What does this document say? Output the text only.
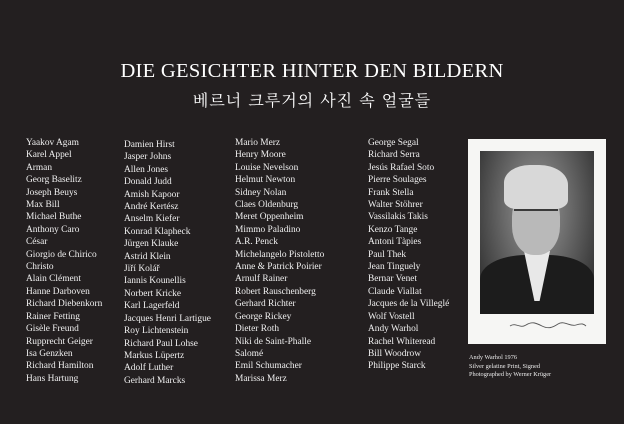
DIE GESICHTER HINTER DEN BILDERN
베르너 크루거의 사진 속 얼굴들
Yaakov Agam
Karel Appel
Arman
Georg Baselitz
Joseph Beuys
Max Bill
Michael Buthe
Anthony Caro
César
Giorgio de Chirico
Christo
Alain Clément
Hanne Darboven
Richard Diebenkorn
Rainer Fetting
Gisèle Freund
Rupprecht Geiger
Isa Genzken
Richard Hamilton
Hans Hartung
Damien Hirst
Jasper Johns
Allen Jones
Donald Judd
Amish Kapoor
André Kertész
Anselm Kiefer
Konrad Klapheck
Jürgen Klauke
Astrid Klein
Jiří Kolář
Iannis Kounellis
Norbert Kricke
Karl Lagerfeld
Jacques Henri Lartigue
Roy Lichtenstein
Richard Paul Lohse
Markus Lüpertz
Adolf Luther
Gerhard Marcks
Mario Merz
Henry Moore
Louise Nevelson
Helmut Newton
Sidney Nolan
Claes Oldenburg
Meret Oppenheim
Mimmo Paladino
A.R. Penck
Michelangelo Pistoletto
Anne & Patrick Poirier
Arnulf Rainer
Robert Rauschenberg
Gerhard Richter
George Rickey
Dieter Roth
Niki de Saint-Phalle
Salomé
Emil Schumacher
Marissa Merz
George Segal
Richard Serra
Jesús Rafael Soto
Pierre Soulages
Frank Stella
Walter Stöhrer
Vassilakis Takis
Kenzo Tange
Antoni Tàpies
Paul Thek
Jean Tinguely
Bernar Venet
Claude Viallat
Jacques de la Villeglé
Wolf Vostell
Andy Warhol
Rachel Whiteread
Bill Woodrow
Philippe Starck
Andy Warhol 1976
Silver gelatine Print, Signed
Photographed by Werner Krüger
